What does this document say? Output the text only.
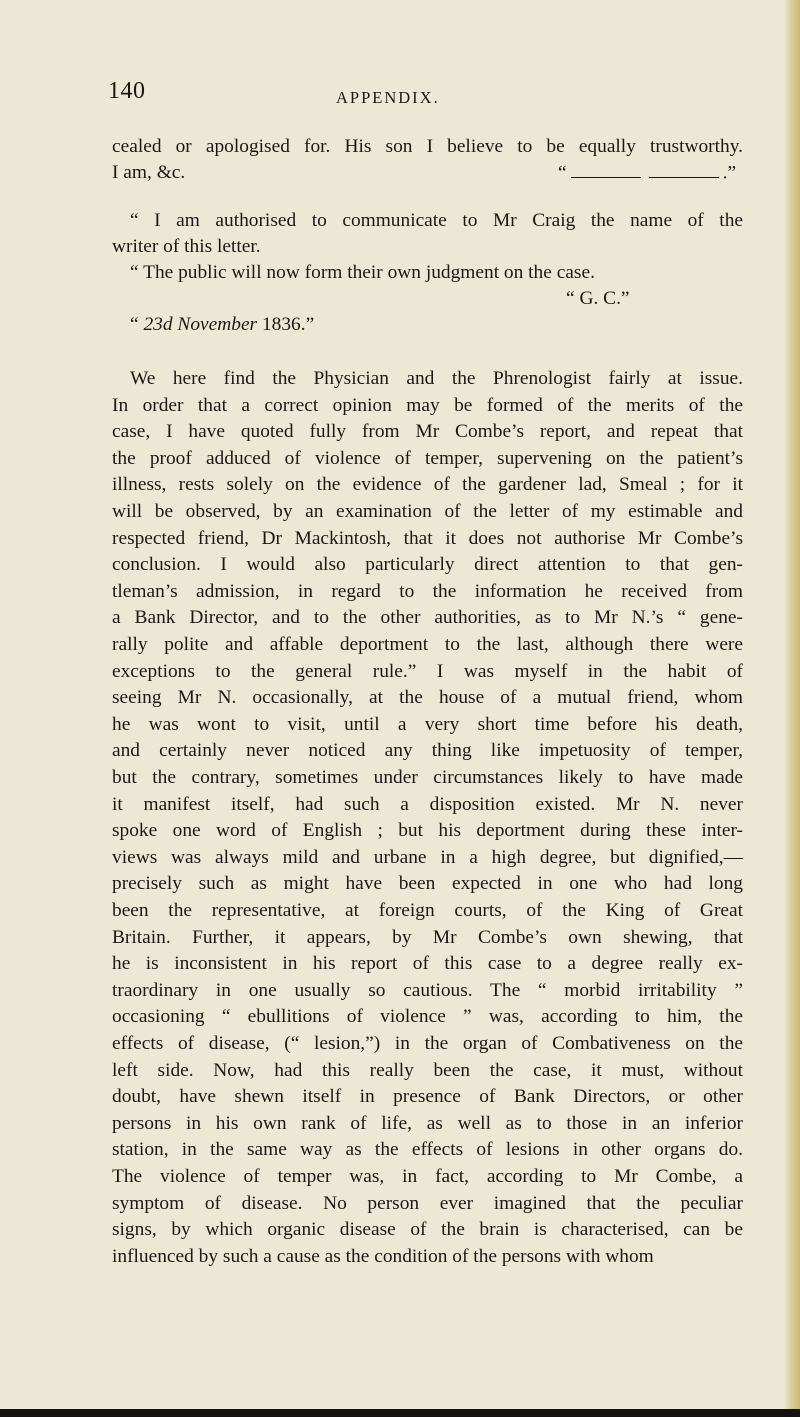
140	APPENDIX.
cealed or apologised for. His son I believe to be equally trustworthy.
I am, &c.	“	.”
“ I am authorised to communicate to Mr Craig the name of the
writer of this letter.
“ The public will now form their own judgment on the case.
“ G. C.”
“ 23d November 1836.”
We here find the Physician and the Phrenologist fairly at issue.
In order that a correct opinion may be formed of the merits of the
case, I have quoted fully from Mr Combe’s report, and repeat that
the proof adduced of violence of temper, supervening on the patient’s
illness, rests solely on the evidence of the gardener lad, Smeal ; for it
will be observed, by an examination of the letter of my estimable and
respected friend, Dr Mackintosh, that it does not authorise Mr Combe’s
conclusion. I would also particularly direct attention to that gen-
tleman’s admission, in regard to the information he received from
a Bank Director, and to the other authorities, as to Mr N.’s “ gene-
rally polite and affable deportment to the last, although there were
exceptions to the general rule.” I was myself in the habit of
seeing Mr N. occasionally, at the house of a mutual friend, whom
he was wont to visit, until a very short time before his death,
and certainly never noticed any thing like impetuosity of temper,
but the contrary, sometimes under circumstances likely to have made
it manifest itself, had such a disposition existed. Mr N. never
spoke one word of English ; but his deportment during these inter-
views was always mild and urbane in a high degree, but dignified,—
precisely such as might have been expected in one who had long
been the representative, at foreign courts, of the King of Great
Britain. Further, it appears, by Mr Combe’s own shewing, that
he is inconsistent in his report of this case to a degree really ex-
traordinary in one usually so cautious. The “ morbid irritability ”
occasioning “ ebullitions of violence ” was, according to him, the
effects of disease, (“ lesion,”) in the organ of Combativeness on the
left side. Now, had this really been the case, it must, without
doubt, have shewn itself in presence of Bank Directors, or other
persons in his own rank of life, as well as to those in an inferior
station, in the same way as the effects of lesions in other organs do.
The violence of temper was, in fact, according to Mr Combe, a
symptom of disease. No person ever imagined that the peculiar
signs, by which organic disease of the brain is characterised, can be
influenced by such a cause as the condition of the persons with whom
